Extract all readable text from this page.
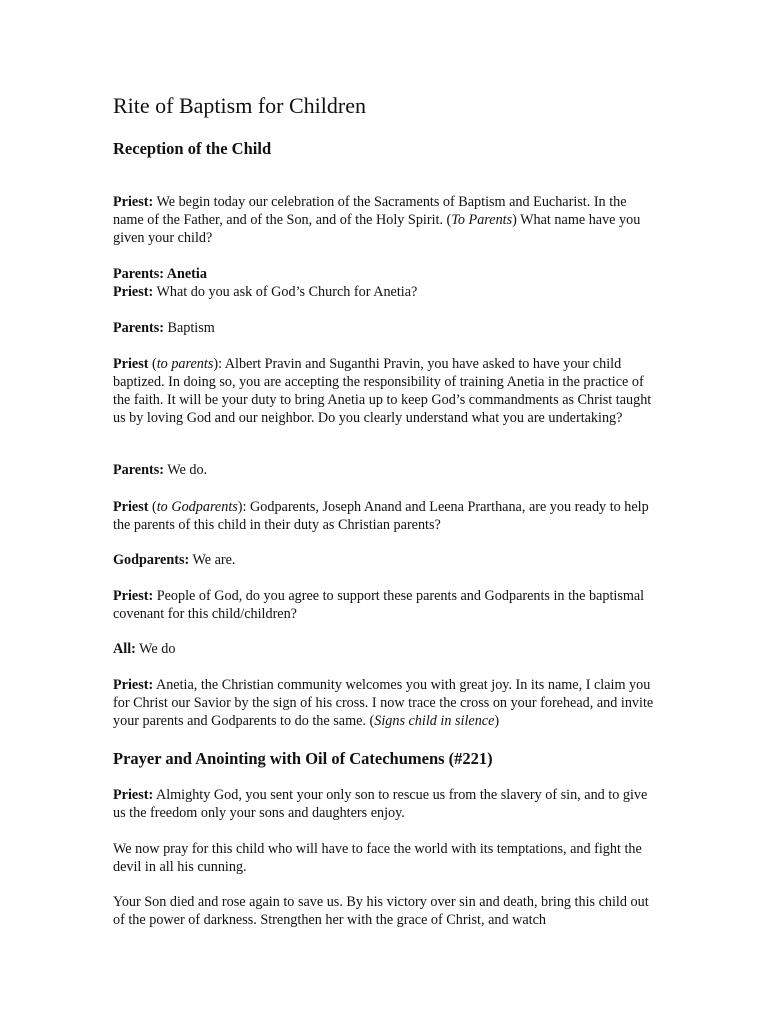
Rite of Baptism for Children
Reception of the Child

Priest: We begin today our celebration of the Sacraments of Baptism and Eucharist. In the name of the Father, and of the Son, and of the Holy Spirit. (To Parents) What name have you given your child?

Parents: Anetia
Priest: What do you ask of God’s Church for Anetia?

Parents: Baptism

Priest (to parents): Albert Pravin and Suganthi Pravin, you have asked to have your child baptized. In doing so, you are accepting the responsibility of training Anetia in the practice of the faith. It will be your duty to bring Anetia up to keep God’s commandments as Christ taught us by loving God and our neighbor. Do you clearly understand what you are undertaking?

Parents: We do.

Priest (to Godparents): Godparents, Joseph Anand and Leena Prarthana, are you ready to help the parents of this child in their duty as Christian parents?

Godparents: We are.

Priest: People of God, do you agree to support these parents and Godparents in the baptismal covenant for this child/children?

All: We do

Priest: Anetia, the Christian community welcomes you with great joy. In its name, I claim you for Christ our Savior by the sign of his cross. I now trace the cross on your forehead, and invite your parents and Godparents to do the same. (Signs child in silence)

Prayer and Anointing with Oil of Catechumens (#221)

Priest: Almighty God, you sent your only son to rescue us from the slavery of sin, and to give us the freedom only your sons and daughters enjoy.

We now pray for this child who will have to face the world with its temptations, and fight the devil in all his cunning.

Your Son died and rose again to save us. By his victory over sin and death, bring this child out of the power of darkness. Strengthen her with the grace of Christ, and watch
